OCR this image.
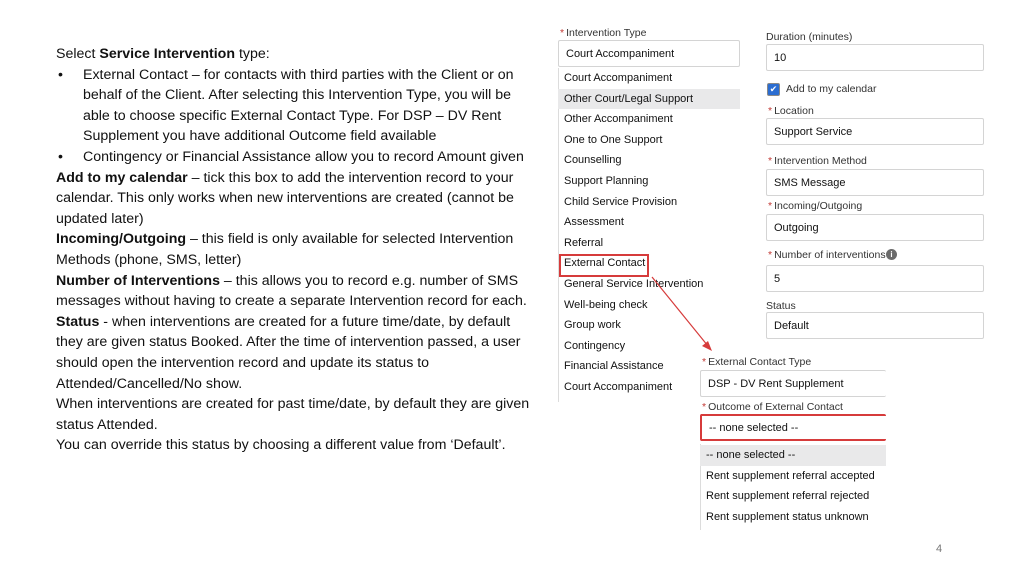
Select Service Intervention type:

•	External Contact – for contacts with third parties with the Client or on behalf of the Client. After selecting this Intervention Type, you will be able to choose specific External Contact Type. For DSP – DV Rent Supplement you have additional Outcome field available
•	Contingency or Financial Assistance allow you to record Amount given

Add to my calendar – tick this box to add the intervention record to your calendar. This only works when new interventions are created (cannot be updated later)

Incoming/Outgoing – this field is only available for selected Intervention Methods (phone, SMS, letter)

Number of Interventions – this allows you to record e.g. number of SMS messages without having to create a separate Intervention record for each.

Status - when interventions are created for a future time/date, by default they are given status Booked. After the time of intervention passed, a user should open the intervention record and update its status to Attended/Cancelled/No show.

When interventions are created for past time/date, by default they are given status Attended.

You can override this status by choosing a different value from ‘Default’.

* Intervention Type
Court Accompaniment
Court Accompaniment
Other Court/Legal Support
Other Accompaniment
One to One Support
Counselling
Support Planning
Child Service Provision
Assessment
Referral
External Contact
General Service Intervention
Well-being check
Group work
Contingency
Financial Assistance
Court Accompaniment
Duration (minutes)
10
✔ Add to my calendar
* Location
Support Service
* Intervention Method
SMS Message
* Incoming/Outgoing
Outgoing
* Number of interventions i
5
Status
Default
* External Contact Type
DSP - DV Rent Supplement
* Outcome of External Contact
-- none selected --
-- none selected --
Rent supplement referral accepted
Rent supplement referral rejected
Rent supplement status unknown
4
